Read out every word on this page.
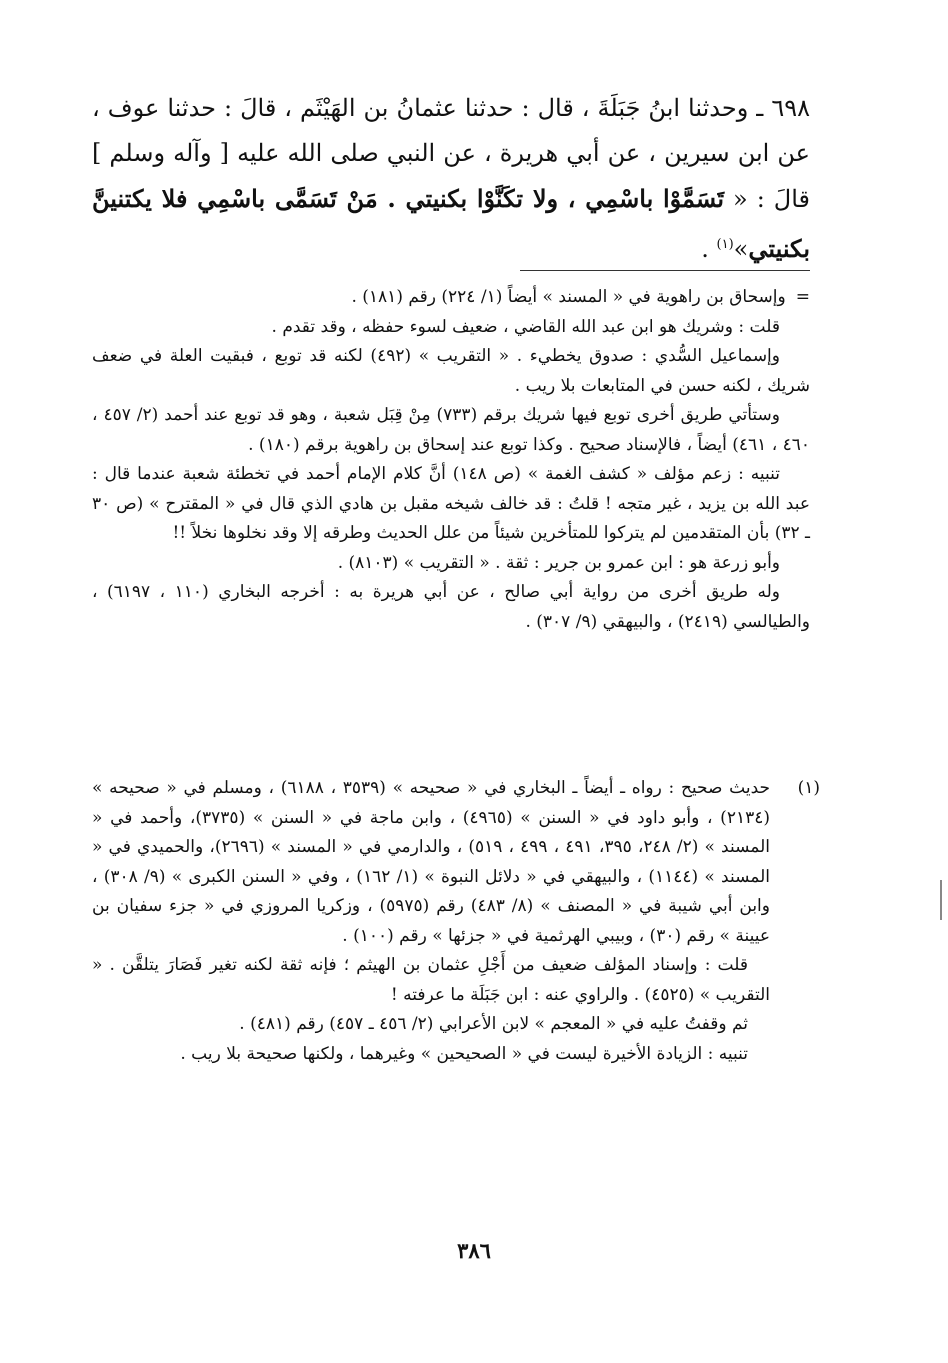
٦٩٨ ـ وحدثنا ابنُ جَبَلَةَ ، قال : حدثنا عثمانُ بن الهَيْثَم ، قالَ : حدثنا عوف ، عن ابن سيرين ، عن أبي هريرة ، عن النبي صلى الله عليه [ وآله وسلم ] قالَ : « تَسَمَّوْا باسْمِي ، ولا تكَنَّوْا بكنيتي . مَنْ تَسَمَّى باسْمِي فلا يكتنينَّ بكنيتي»$^{(١)}$ .

=وإسحاق بن راهوية في « المسند » أيضاً (١/ ٢٢٤) رقم (١٨١) .

قلت : وشريك هو ابن عبد الله القاضي ، ضعيف لسوء حفظه ، وقد تقدم .

وإسماعيل السُّدي : صدوق يخطيء . « التقريب » (٤٩٢) لكنه قد توبع ، فبقيت العلة في ضعف شريك ، لكنه حسن في المتابعات بلا ريب .

وستأتي طريق أخرى توبع فيها شريك برقم (٧٣٣) مِنْ قِبَل شعبة ، وهو قد توبع عند أحمد (٢/ ٤٥٧ ، ٤٦٠ ، ٤٦١) أيضاً ، فالإسناد صحيح . وكذا توبع عند إسحاق بن راهوية برقم (١٨٠) .

تنبيه : زعم مؤلف « كشف الغمة » (ص ١٤٨) أنَّ كلام الإمام أحمد في تخطئة شعبة عندما قال : عبد الله بن يزيد ، غير متجه ! قلتُ : قد خالف شيخه مقبل بن هادي الذي قال في « المقترح » (ص ٣٠ ـ ٣٢) بأن المتقدمين لم يتركوا للمتأخرين شيئاً من علل الحديث وطرقه إلا وقد نخلوها نخلاً !!

وأبو زرعة هو : ابن عمرو بن جرير : ثقة . « التقريب » (٨١٠٣) .

وله طريق أخرى من رواية أبي صالح ، عن أبي هريرة به : أخرجه البخاري (١١٠ ، ٦١٩٧) ، والطيالسي (٢٤١٩) ، والبيهقي (٩/ ٣٠٧) .

(١)

حديث صحيح : رواه ـ أيضاً ـ البخاري في « صحيحه » (٣٥٣٩ ، ٦١٨٨) ، ومسلم في « صحيحه » (٢١٣٤) ، وأبو داود في « السنن » (٤٩٦٥) ، وابن ماجة في « السنن » (٣٧٣٥)، وأحمد في « المسند » (٢/ ٢٤٨، ٣٩٥، ٤٩١ ، ٤٩٩ ، ٥١٩) ، والدارمي في « المسند » (٢٦٩٦)، والحميدي في « المسند » (١١٤٤) ، والبيهقي في « دلائل النبوة » (١/ ١٦٢) ، وفي « السنن الكبرى » (٩/ ٣٠٨) ، وابن أبي شيبة في « المصنف » (٨/ ٤٨٣) رقم (٥٩٧٥) ، وزكريا المروزي في « جزء سفيان بن عيينة » رقم (٣٠) ، وبيبي الهرثمية في « جزئها » رقم (١٠٠) .

قلت : وإسناد المؤلف ضعيف من أَجْلِ عثمان بن الهيثم ؛ فإنه ثقة لكنه تغير فَصَارَ يتلقَّن . « التقريب » (٤٥٢٥) . والراوي عنه : ابن جَبَلَة ما عرفته !

ثم وقفتُ عليه في « المعجم » لابن الأعرابي (٢/ ٤٥٦ ـ ٤٥٧) رقم (٤٨١) .

تنبيه : الزيادة الأخيرة ليست في « الصحيحين » وغيرهما ، ولكنها صحيحة بلا ريب .

٣٨٦
